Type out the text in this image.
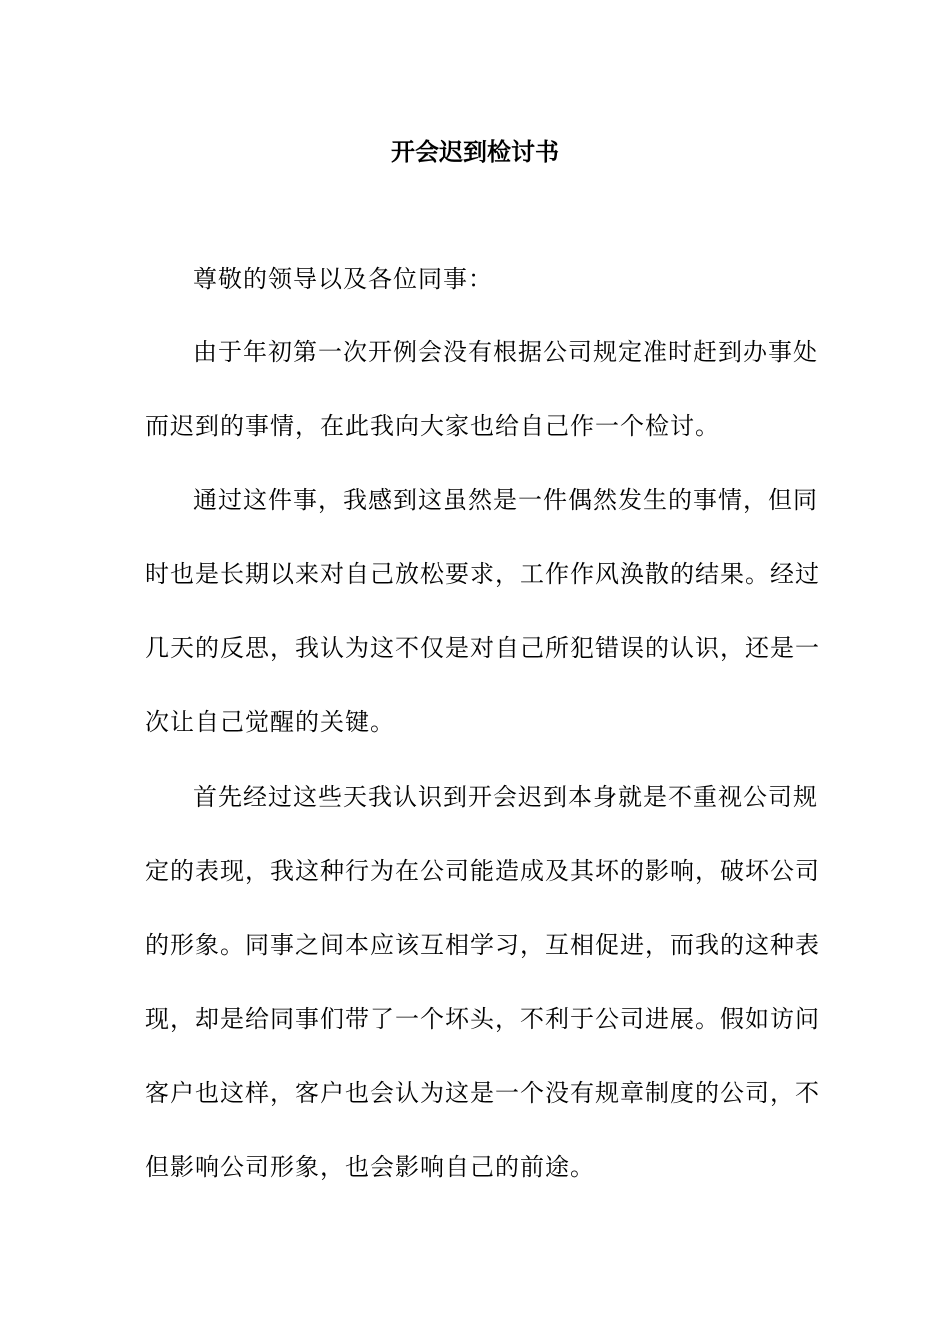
开会迟到检讨书

尊敬的领导以及各位同事：

由于年初第一次开例会没有根据公司规定准时赶到办事处

而迟到的事情，在此我向大家也给自己作一个检讨。

通过这件事，我感到这虽然是一件偶然发生的事情，但同

时也是长期以来对自己放松要求，工作作风涣散的结果。经过

几天的反思，我认为这不仅是对自己所犯错误的认识，还是一

次让自己觉醒的关键。

首先经过这些天我认识到开会迟到本身就是不重视公司规

定的表现，我这种行为在公司能造成及其坏的影响，破坏公司

的形象。同事之间本应该互相学习，互相促进，而我的这种表

现，却是给同事们带了一个坏头，不利于公司进展。假如访问

客户也这样，客户也会认为这是一个没有规章制度的公司，不

但影响公司形象，也会影响自己的前途。
